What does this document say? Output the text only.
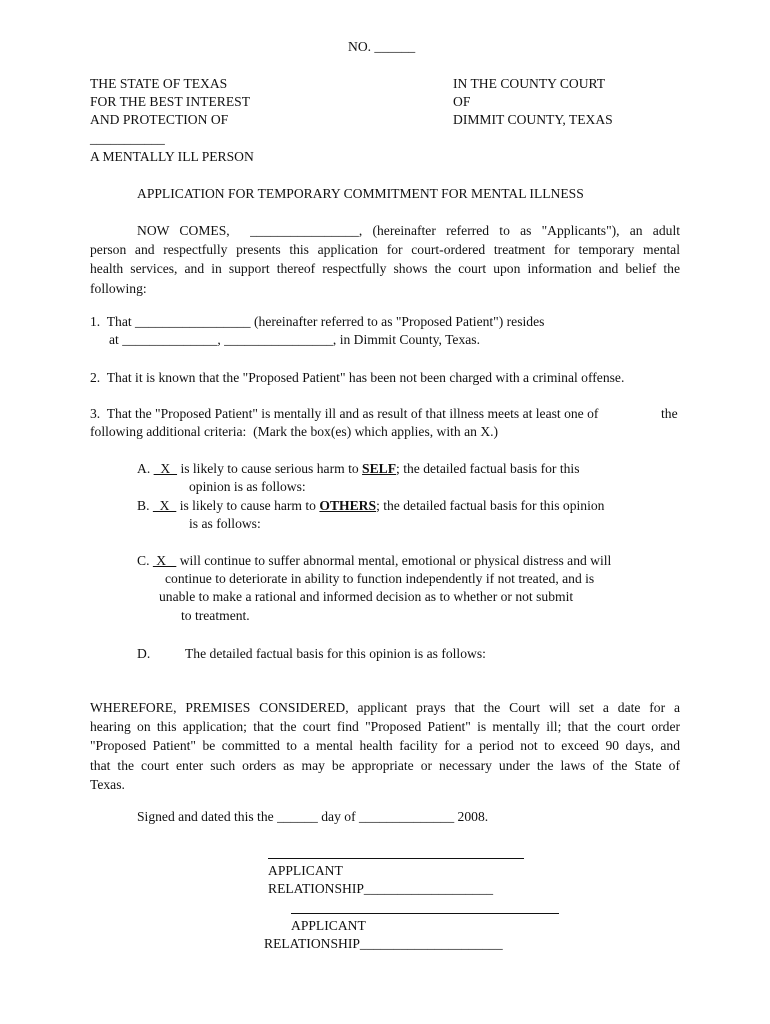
NO. ______
THE STATE OF TEXAS
FOR THE BEST INTEREST
AND PROTECTION OF
IN THE COUNTY COURT
OF
DIMMIT COUNTY, TEXAS
___________
A MENTALLY ILL PERSON
APPLICATION FOR TEMPORARY COMMITMENT FOR MENTAL ILLNESS
NOW COMES,  ________________, (hereinafter referred to as "Applicants"), an adult
person and respectfully presents this application for court-ordered treatment for temporary mental
health services, and in support thereof respectfully shows the court upon information and belief the
following:
1.  That _________________ (hereinafter referred to as "Proposed Patient") resides
at ______________, ________________, in Dimmit County, Texas.
2.  That it is known that the "Proposed Patient" has been not been charged with a criminal offense.
3.  That the "Proposed Patient" is mentally ill and as result of that illness meets at least one of	the
following additional criteria:  (Mark the box(es) which applies, with an X.)
A.   X   is likely to cause serious harm to SELF; the detailed factual basis for this
opinion is as follows:
B.   X   is likely to cause harm to OTHERS; the detailed factual basis for this opinion
is as follows:
C.  X    will continue to suffer abnormal mental, emotional or physical distress and will
continue to deteriorate in ability to function independently if not treated, and is
unable to make a rational and informed decision as to whether or not submit
to treatment.
D.	The detailed factual basis for this opinion is as follows:
WHEREFORE, PREMISES CONSIDERED, applicant prays that the Court will set a date for a
hearing on this application; that the court find "Proposed Patient" is mentally ill; that the court order
"Proposed Patient" be committed to a mental health facility for a period not to exceed 90 days, and
that the court enter such orders as may be appropriate or necessary under the laws of the State of
Texas.
Signed and dated this the ______ day of ______________ 2008.
APPLICANT
RELATIONSHIP___________________
APPLICANT
RELATIONSHIP_____________________
